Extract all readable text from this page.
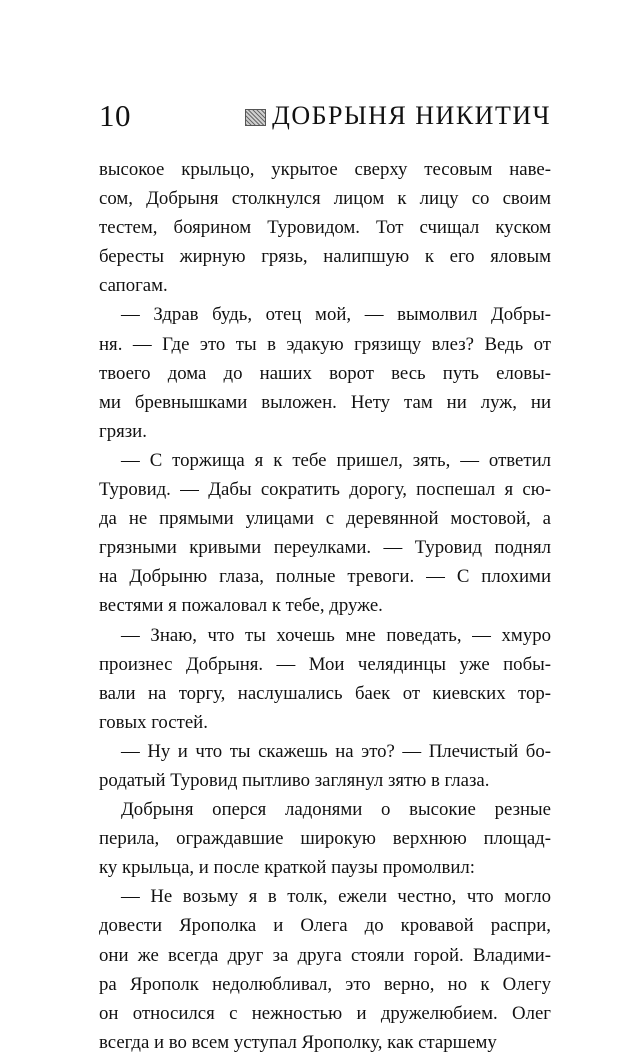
10	ДОБРЫНЯ НИКИТИЧ
высокое крыльцо, укрытое сверху тесовым наве-
сом, Добрыня столкнулся лицом к лицу со своим
тестем, боярином Туровидом. Тот счищал куском
бересты жирную грязь, налипшую к его яловым
сапогам.
— Здрав будь, отец мой, — вымолвил Добры-
ня. — Где это ты в эдакую грязищу влез? Ведь от
твоего дома до наших ворот весь путь еловы-
ми бревнышками выложен. Нету там ни луж, ни
грязи.
— С торжища я к тебе пришел, зять, — ответил
Туровид. — Дабы сократить дорогу, поспешал я сю-
да не прямыми улицами с деревянной мостовой, а
грязными кривыми переулками. — Туровид поднял
на Добрыню глаза, полные тревоги. — С плохими
вестями я пожаловал к тебе, друже.
— Знаю, что ты хочешь мне поведать, — хмуро
произнес Добрыня. — Мои челядинцы уже побы-
вали на торгу, наслушались баек от киевских тор-
говых гостей.
— Ну и что ты скажешь на это? — Плечистый бо-
родатый Туровид пытливо заглянул зятю в глаза.
Добрыня оперся ладонями о высокие резные
перила, ограждавшие широкую верхнюю площад-
ку крыльца, и после краткой паузы промолвил:
— Не возьму я в толк, ежели честно, что могло
довести Ярополка и Олега до кровавой распри,
они же всегда друг за друга стояли горой. Владими-
ра Ярополк недолюбливал, это верно, но к Олегу
он относился с нежностью и дружелюбием. Олег
всегда и во всем уступал Ярополку, как старшему
